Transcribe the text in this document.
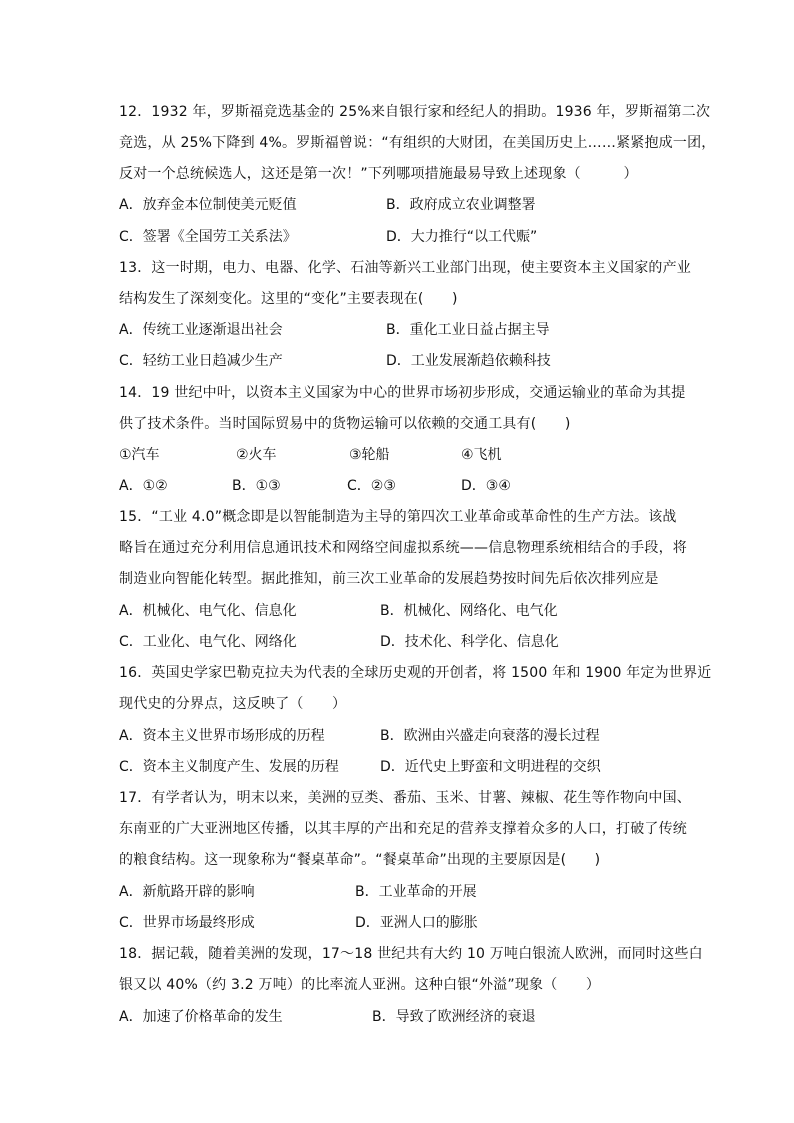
12．1932 年，罗斯福竞选基金的 25%来自银行家和经纪人的捐助。1936 年，罗斯福第二次
竞选，从 25%下降到 4%。罗斯福曾说：“有组织的大财团，在美国历史上……紧紧抱成一团，
反对一个总统候选人，这还是第一次！”下列哪项措施最易导致上述现象（　　　）
A．放弃金本位制使美元贬值	B．政府成立农业调整署
C．签署《全国劳工关系法》	D．大力推行“以工代赈”
13．这一时期，电力、电器、化学、石油等新兴工业部门出现，使主要资本主义国家的产业
结构发生了深刻变化。这里的“变化”主要表现在(　　)
A．传统工业逐渐退出社会	B．重化工业日益占据主导
C．轻纺工业日趋减少生产	D．工业发展渐趋依赖科技
14．19 世纪中叶，以资本主义国家为中心的世界市场初步形成，交通运输业的革命为其提
供了技术条件。当时国际贸易中的货物运输可以依赖的交通工具有(　　)
①汽车	②火车	③轮船	④飞机
A．①②	B．①③	C．②③	D．③④
15．“工业 4.0”概念即是以智能制造为主导的第四次工业革命或革命性的生产方法。该战
略旨在通过充分利用信息通讯技术和网络空间虚拟系统——信息物理系统相结合的手段，将
制造业向智能化转型。据此推知，前三次工业革命的发展趋势按时间先后依次排列应是
A．机械化、电气化、信息化	B．机械化、网络化、电气化
C．工业化、电气化、网络化	D．技术化、科学化、信息化
16．英国史学家巴勒克拉夫为代表的全球历史观的开创者，将 1500 年和 1900 年定为世界近
现代史的分界点，这反映了（　　）
A．资本主义世界市场形成的历程	B．欧洲由兴盛走向衰落的漫长过程
C．资本主义制度产生、发展的历程	D．近代史上野蛮和文明进程的交织
17．有学者认为，明末以来，美洲的豆类、番茄、玉米、甘薯、辣椒、花生等作物向中国、
东南亚的广大亚洲地区传播，以其丰厚的产出和充足的营养支撑着众多的人口，打破了传统
的粮食结构。这一现象称为“餐桌革命”。“餐桌革命”出现的主要原因是(　　)
A．新航路开辟的影响	B．工业革命的开展
C．世界市场最终形成	D．亚洲人口的膨胀
18．据记载，随着美洲的发现，17～18 世纪共有大约 10 万吨白银流人欧洲，而同时这些白
银又以 40%（约 3.2 万吨）的比率流人亚洲。这种白银“外溢”现象（　　）
A．加速了价格革命的发生	B．导致了欧洲经济的衰退
